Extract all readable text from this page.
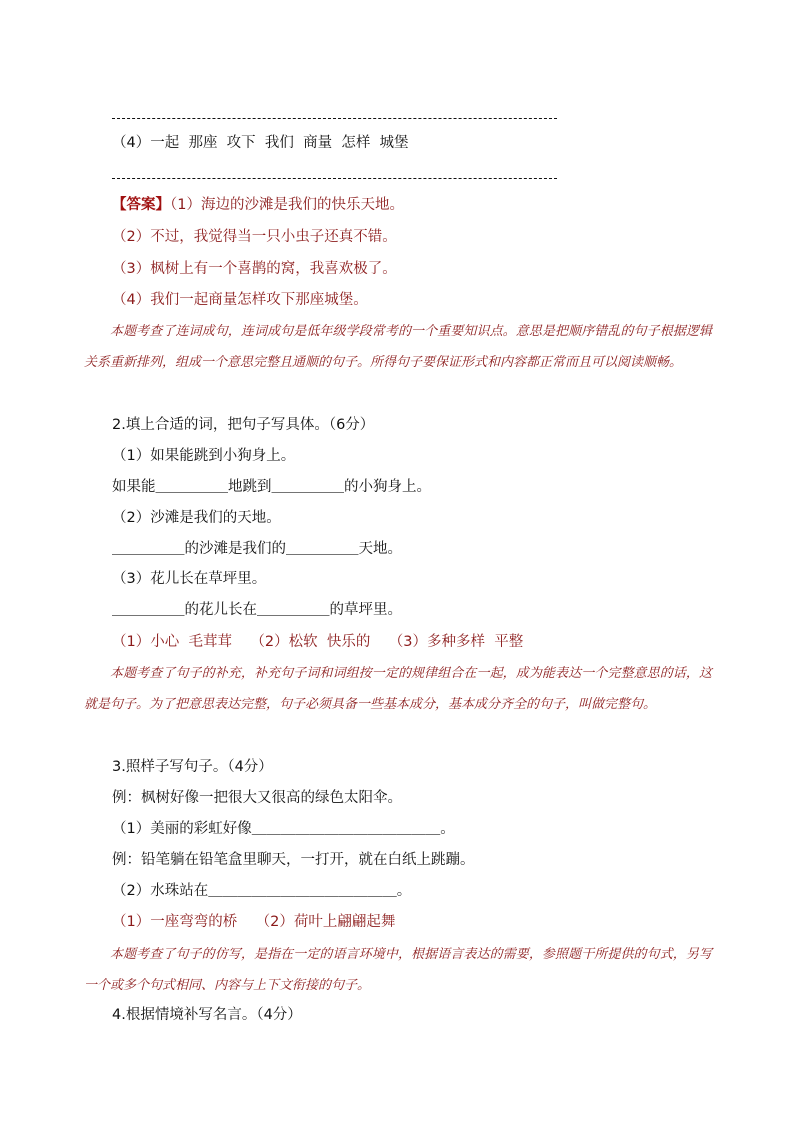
（4）一起  那座  攻下  我们  商量  怎样  城堡
【答案】（1）海边的沙滩是我们的快乐天地。
（2）不过，我觉得当一只小虫子还真不错。
（3）枫树上有一个喜鹊的窝，我喜欢极了。
（4）我们一起商量怎样攻下那座城堡。
本题考查了连词成句，连词成句是低年级学段常考的一个重要知识点。意思是把顺序错乱的句子根据逻辑关系重新排列，组成一个意思完整且通顺的句子。所得句子要保证形式和内容都正常而且可以阅读顺畅。
2.填上合适的词，把句子写具体。（6分）
（1）如果能跳到小狗身上。
如果能＿＿＿＿＿地跳到＿＿＿＿＿的小狗身上。
（2）沙滩是我们的天地。
＿＿＿＿＿的沙滩是我们的＿＿＿＿＿天地。
（3）花儿长在草坪里。
＿＿＿＿＿的花儿长在＿＿＿＿＿的草坪里。
（1）小心  毛茸茸    （2）松软  快乐的    （3）多种多样  平整
本题考查了句子的补充，补充句子词和词组按一定的规律组合在一起，成为能表达一个完整意思的话，这就是句子。为了把意思表达完整，句子必须具备一些基本成分，基本成分齐全的句子，叫做完整句。
3.照样子写句子。（4分）
例：枫树好像一把很大又很高的绿色太阳伞。
（1）美丽的彩虹好像＿＿＿＿＿＿＿＿＿＿＿＿＿。
例：铅笔躺在铅笔盒里聊天，一打开，就在白纸上跳蹦。
（2）水珠站在＿＿＿＿＿＿＿＿＿＿＿＿＿。
（1）一座弯弯的桥    （2）荷叶上翩翩起舞
本题考查了句子的仿写，是指在一定的语言环境中，根据语言表达的需要，参照题干所提供的句式，另写一个或多个句式相同、内容与上下文衔接的句子。
4.根据情境补写名言。（4分）
